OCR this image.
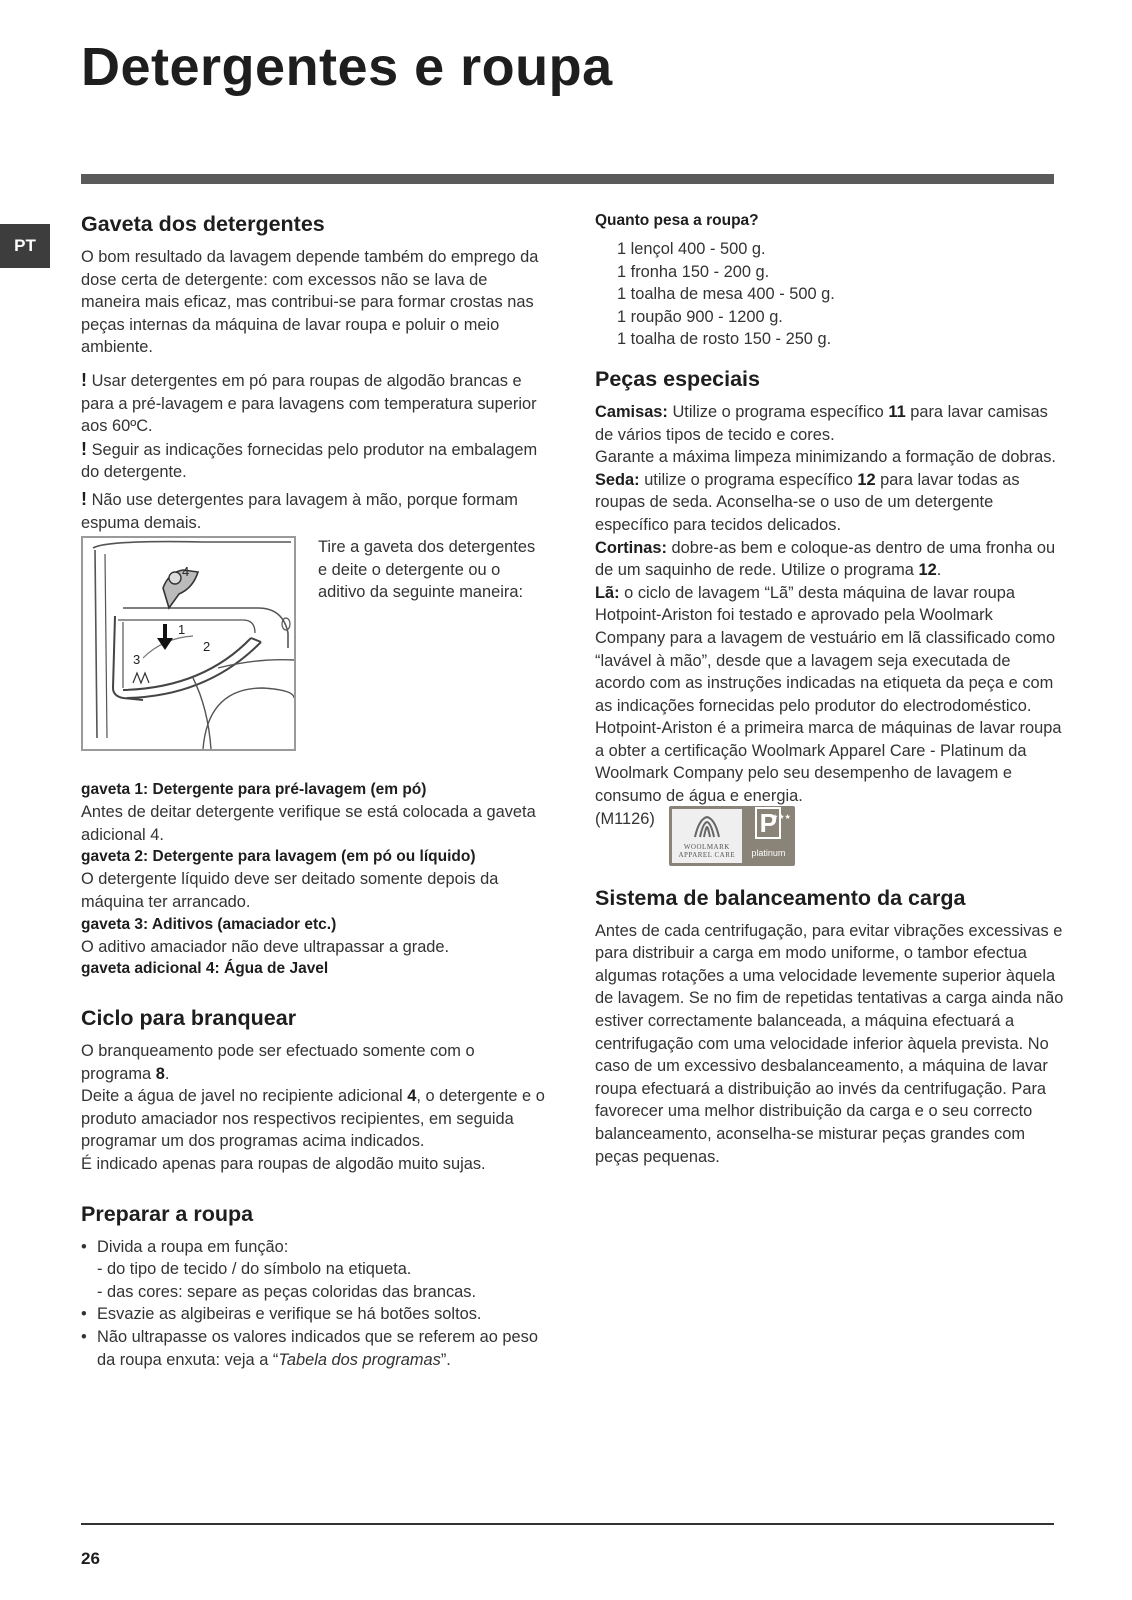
Detergentes e roupa
PT
Gaveta dos detergentes

O bom resultado da lavagem depende também do emprego da dose certa de detergente: com excessos não se lava de maneira mais eficaz, mas contribui-se para formar crostas nas peças internas da máquina de lavar roupa e poluir o meio ambiente.

! Usar detergentes em pó para roupas de algodão brancas e para a pré-lavagem e para lavagens com temperatura superior aos 60ºC.

! Seguir as indicações fornecidas pelo produtor na embalagem do detergente.

! Não use detergentes para lavagem à mão, porque formam espuma demais.

1
2
3
4

Tire a gaveta dos detergentes e deite o detergente ou o aditivo da seguinte maneira:

gaveta 1: Detergente para pré-lavagem (em pó)

Antes de deitar detergente verifique se está colocada a gaveta adicional 4.

gaveta 2: Detergente para lavagem (em pó ou líquido)

O detergente líquido deve ser deitado somente depois da máquina ter arrancado.

gaveta 3: Aditivos (amaciador etc.)

O aditivo amaciador não deve ultrapassar a grade.

gaveta adicional 4: Água de Javel
Ciclo para branquear

O branqueamento pode ser efectuado somente com o programa 8.

Deite a água de javel no recipiente adicional 4, o detergente e o produto amaciador nos respectivos recipientes, em seguida programar um dos programas acima indicados.

É indicado apenas para roupas de algodão muito sujas.

Preparar a roupa
• Divida a roupa em função:
- do tipo de tecido / do símbolo na etiqueta.
- das cores: separe as peças coloridas das brancas.
• Esvazie as algibeiras e verifique se há botões soltos.
• Não ultrapasse os valores indicados que se referem ao peso da roupa enxuta: veja a “Tabela dos programas”.
Quanto pesa a roupa?
1 lençol 400 - 500 g.
1 fronha 150 - 200 g.
1 toalha de mesa 400 - 500 g.
1 roupão 900 - 1200 g.
1 toalha de rosto 150 - 250 g.
Peças especiais

Camisas: Utilize o programa específico 11 para lavar camisas de vários tipos de tecido e cores.

Garante a máxima limpeza minimizando a formação de dobras.

Seda: utilize o programa específico 12 para lavar todas as roupas de seda. Aconselha-se o uso de um detergente específico para tecidos delicados.

Cortinas: dobre-as bem e coloque-as dentro de uma fronha ou de um saquinho de rede. Utilize o programa 12.

Lã: o ciclo de lavagem “Lã” desta máquina de lavar roupa Hotpoint-Ariston foi testado e aprovado pela Woolmark Company para a lavagem de vestuário em lã classificado como “lavável à mão”, desde que a lavagem seja executada de acordo com as instruções indicadas na etiqueta da peça e com as indicações fornecidas pelo produtor do electrodoméstico. Hotpoint-Ariston é a primeira marca de máquinas de lavar roupa a obter a certificação Woolmark Apparel Care - Platinum da Woolmark Company pelo seu desempenho de lavagem e consumo de água e energia.

(M1126)
WOOLMARK
APPAREL CARE
★★★
P
platinum
Sistema de balanceamento da carga

Antes de cada centrifugação, para evitar vibrações excessivas e para distribuir a carga em modo uniforme, o tambor efectua algumas rotações a uma velocidade levemente superior àquela de lavagem. Se no fim de repetidas tentativas a carga ainda não estiver correctamente balanceada, a máquina efectuará a centrifugação com uma velocidade inferior àquela prevista. No caso de um excessivo desbalanceamento, a máquina de lavar roupa efectuará a distribuição ao invés da centrifugação. Para favorecer uma melhor distribuição da carga e o seu correcto balanceamento, aconselha-se misturar peças grandes com peças pequenas.

26
